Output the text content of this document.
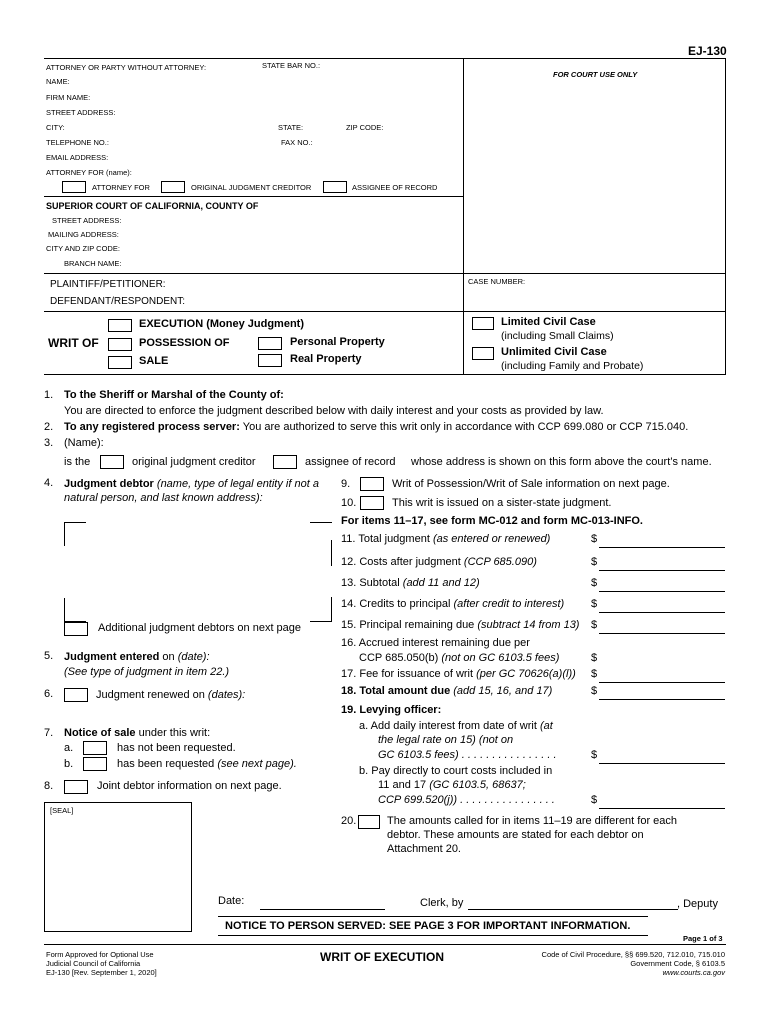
EJ-130
ATTORNEY OR PARTY WITHOUT ATTORNEY:	STATE BAR NO.:
FOR COURT USE ONLY
NAME:
FIRM NAME:
STREET ADDRESS:
CITY:	STATE:	ZIP CODE:
TELEPHONE NO.:	FAX NO.:
EMAIL ADDRESS:
ATTORNEY FOR (name):
ATTORNEY FOR	ORIGINAL JUDGMENT CREDITOR	ASSIGNEE OF RECORD
SUPERIOR COURT OF CALIFORNIA, COUNTY OF
STREET ADDRESS:
MAILING ADDRESS:
CITY AND ZIP CODE:
BRANCH NAME:
PLAINTIFF/PETITIONER:	CASE NUMBER:
DEFENDANT/RESPONDENT:
WRIT OF
EXECUTION (Money Judgment)
POSSESSION OF
SALE
Personal Property
Real Property
Limited Civil Case
(including Small Claims)
Unlimited Civil Case
(including Family and Probate)
1. To the Sheriff or Marshal of the County of:
You are directed to enforce the judgment described below with daily interest and your costs as provided by law.
2. To any registered process server: You are authorized to serve this writ only in accordance with CCP 699.080 or CCP 715.040.
3. (Name):
is the	original judgment creditor	assignee of record whose address is shown on this form above the court’s name.
4. Judgment debtor (name, type of legal entity if not a
natural person, and last known address):
Additional judgment debtors on next page
5. Judgment entered on (date):
(See type of judgment in item 22.)
6.	Judgment renewed on (dates):
7. Notice of sale under this writ:
a.	has not been requested.
b.	has been requested (see next page).
8.	Joint debtor information on next page.
[SEAL]
9.	Writ of Possession/Writ of Sale information on next page.
10.	This writ is issued on a sister-state judgment.
For items 11–17, see form MC-012 and form MC-013-INFO.
11. Total judgment (as entered or renewed)	$
12. Costs after judgment (CCP 685.090)	$
13. Subtotal (add 11 and 12)	$
14. Credits to principal (after credit to interest) $
15. Principal remaining due (subtract 14 from 13) $
16. Accrued interest remaining due per
CCP 685.050(b) (not on GC 6103.5 fees)	$
17. Fee for issuance of writ (per GC 70626(a)(l)) $
18. Total amount due (add 15, 16, and 17)	$
19. Levying officer:
a. Add daily interest from date of writ (at
the legal rate on 15) (not on
GC 6103.5 fees) . . . . . . . . . . . . . . . .	$
b. Pay directly to court costs included in
11 and 17 (GC 6103.5, 68637;
CCP 699.520(j)) . . . . . . . . . . . . . . . .	$
20.	The amounts called for in items 11–19 are different for each
debtor. These amounts are stated for each debtor on
Attachment 20.
Date:	Clerk, by	, Deputy
NOTICE TO PERSON SERVED: SEE PAGE 3 FOR IMPORTANT INFORMATION.
Page 1 of 3
Form Approved for Optional Use
Judicial Council of California
EJ-130 [Rev. September 1, 2020]
WRIT OF EXECUTION	Code of Civil Procedure, §§ 699.520, 712.010, 715.010
Government Code, § 6103.5
www.courts.ca.gov
